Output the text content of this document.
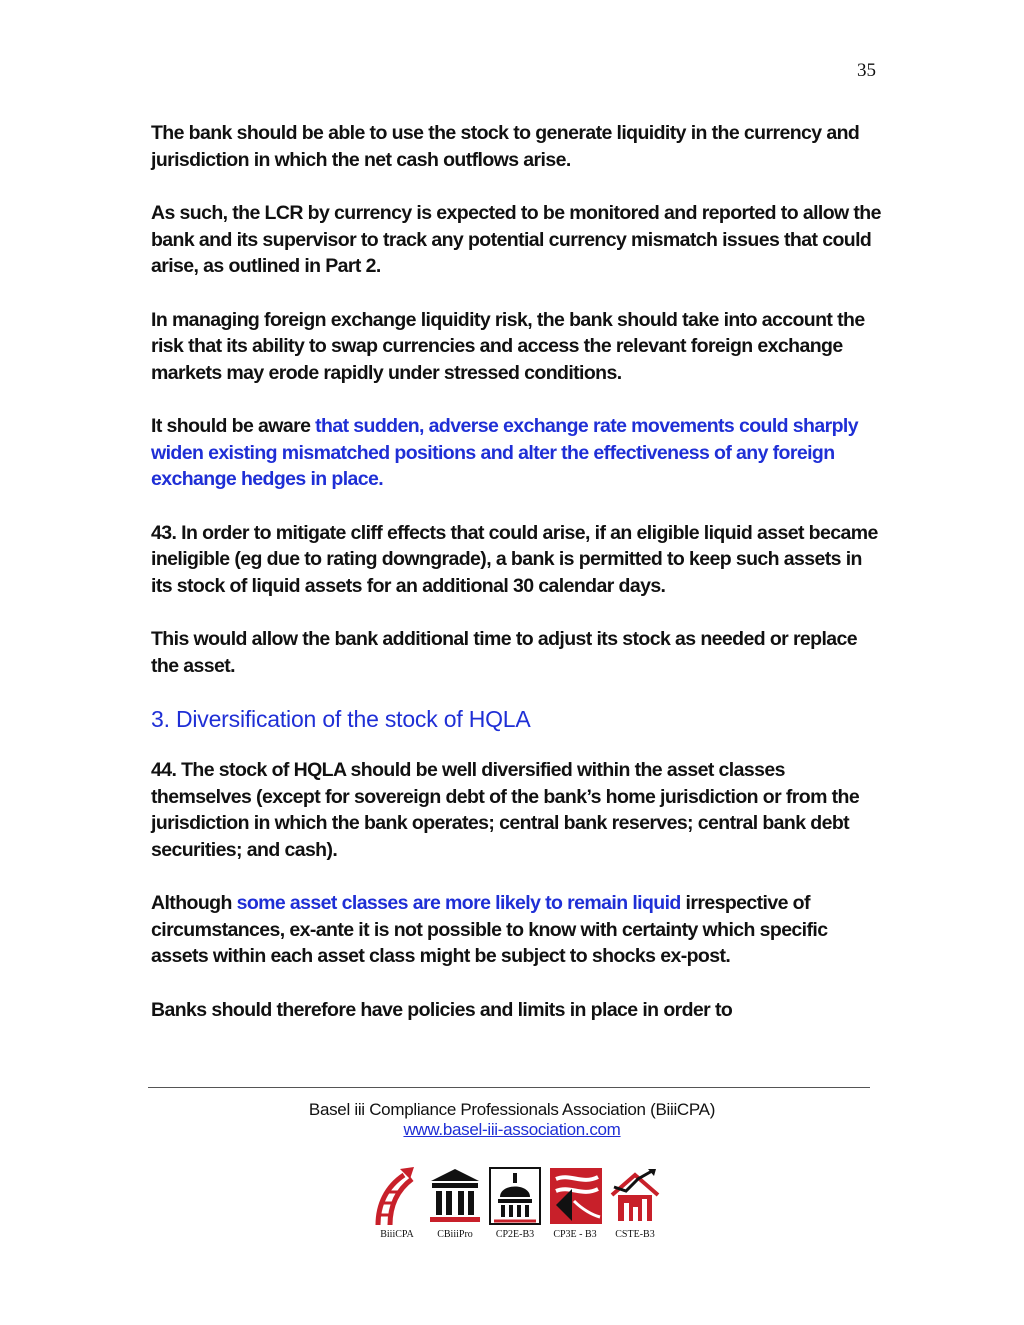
35

The bank should be able to use the stock to generate liquidity in the currency and jurisdiction in which the net cash outflows arise.

As such, the LCR by currency is expected to be monitored and reported to allow the bank and its supervisor to track any potential currency mismatch issues that could arise, as outlined in Part 2.

In managing foreign exchange liquidity risk, the bank should take into account the risk that its ability to swap currencies and access the relevant foreign exchange markets may erode rapidly under stressed conditions.

It should be aware that sudden, adverse exchange rate movements could sharply widen existing mismatched positions and alter the effectiveness of any foreign exchange hedges in place.

43. In order to mitigate cliff effects that could arise, if an eligible liquid asset became ineligible (eg due to rating downgrade), a bank is permitted to keep such assets in its stock of liquid assets for an additional 30 calendar days.

This would allow the bank additional time to adjust its stock as needed or replace the asset.

3. Diversification of the stock of HQLA

44. The stock of HQLA should be well diversified within the asset classes themselves (except for sovereign debt of the bank’s home jurisdiction or from the jurisdiction in which the bank operates; central bank reserves; central bank debt securities; and cash).

Although some asset classes are more likely to remain liquid irrespective of circumstances, ex-ante it is not possible to know with certainty which specific assets within each asset class might be subject to shocks ex-post.

Banks should therefore have policies and limits in place in order to

Basel iii Compliance Professionals Association (BiiiCPA)
www.basel-iii-association.com
BiiiCPA	CBiiiPro	CP2E-B3	CP3E - B3	CSTE-B3
